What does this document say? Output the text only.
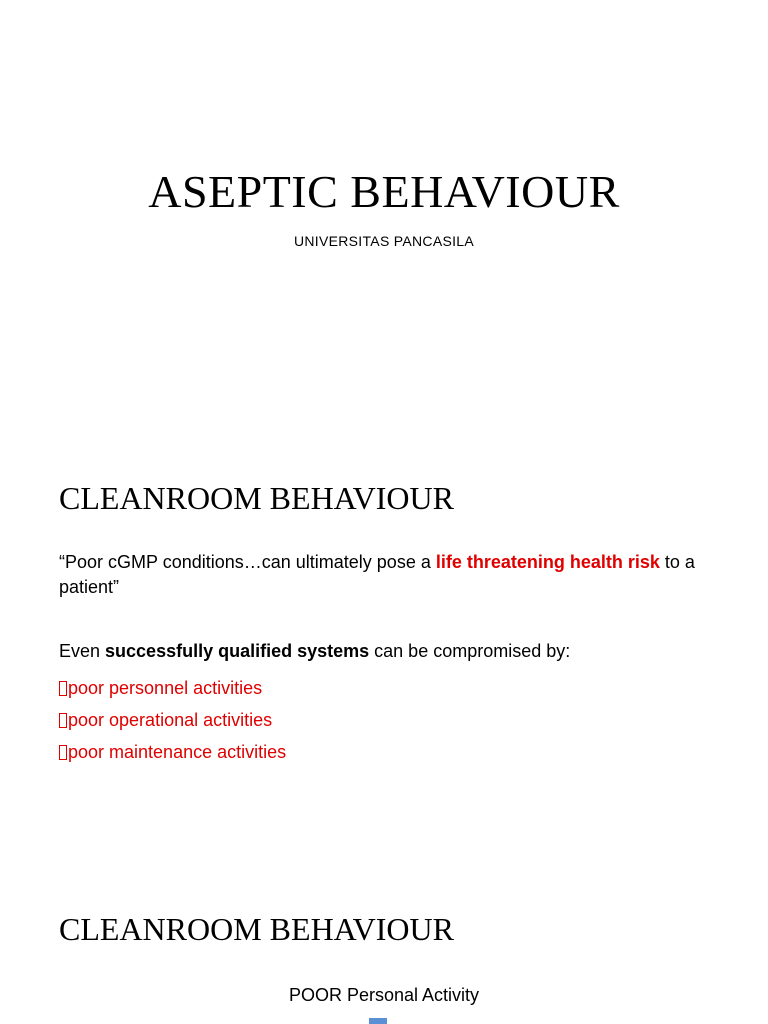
ASEPTIC BEHAVIOUR
UNIVERSITAS PANCASILA
CLEANROOM BEHAVIOUR
“Poor cGMP conditions…can ultimately pose a life threatening health risk to a patient”
Even successfully qualified systems can be compromised by:
poor personnel activities
poor operational activities
poor maintenance activities
CLEANROOM BEHAVIOUR
POOR Personal Activity
